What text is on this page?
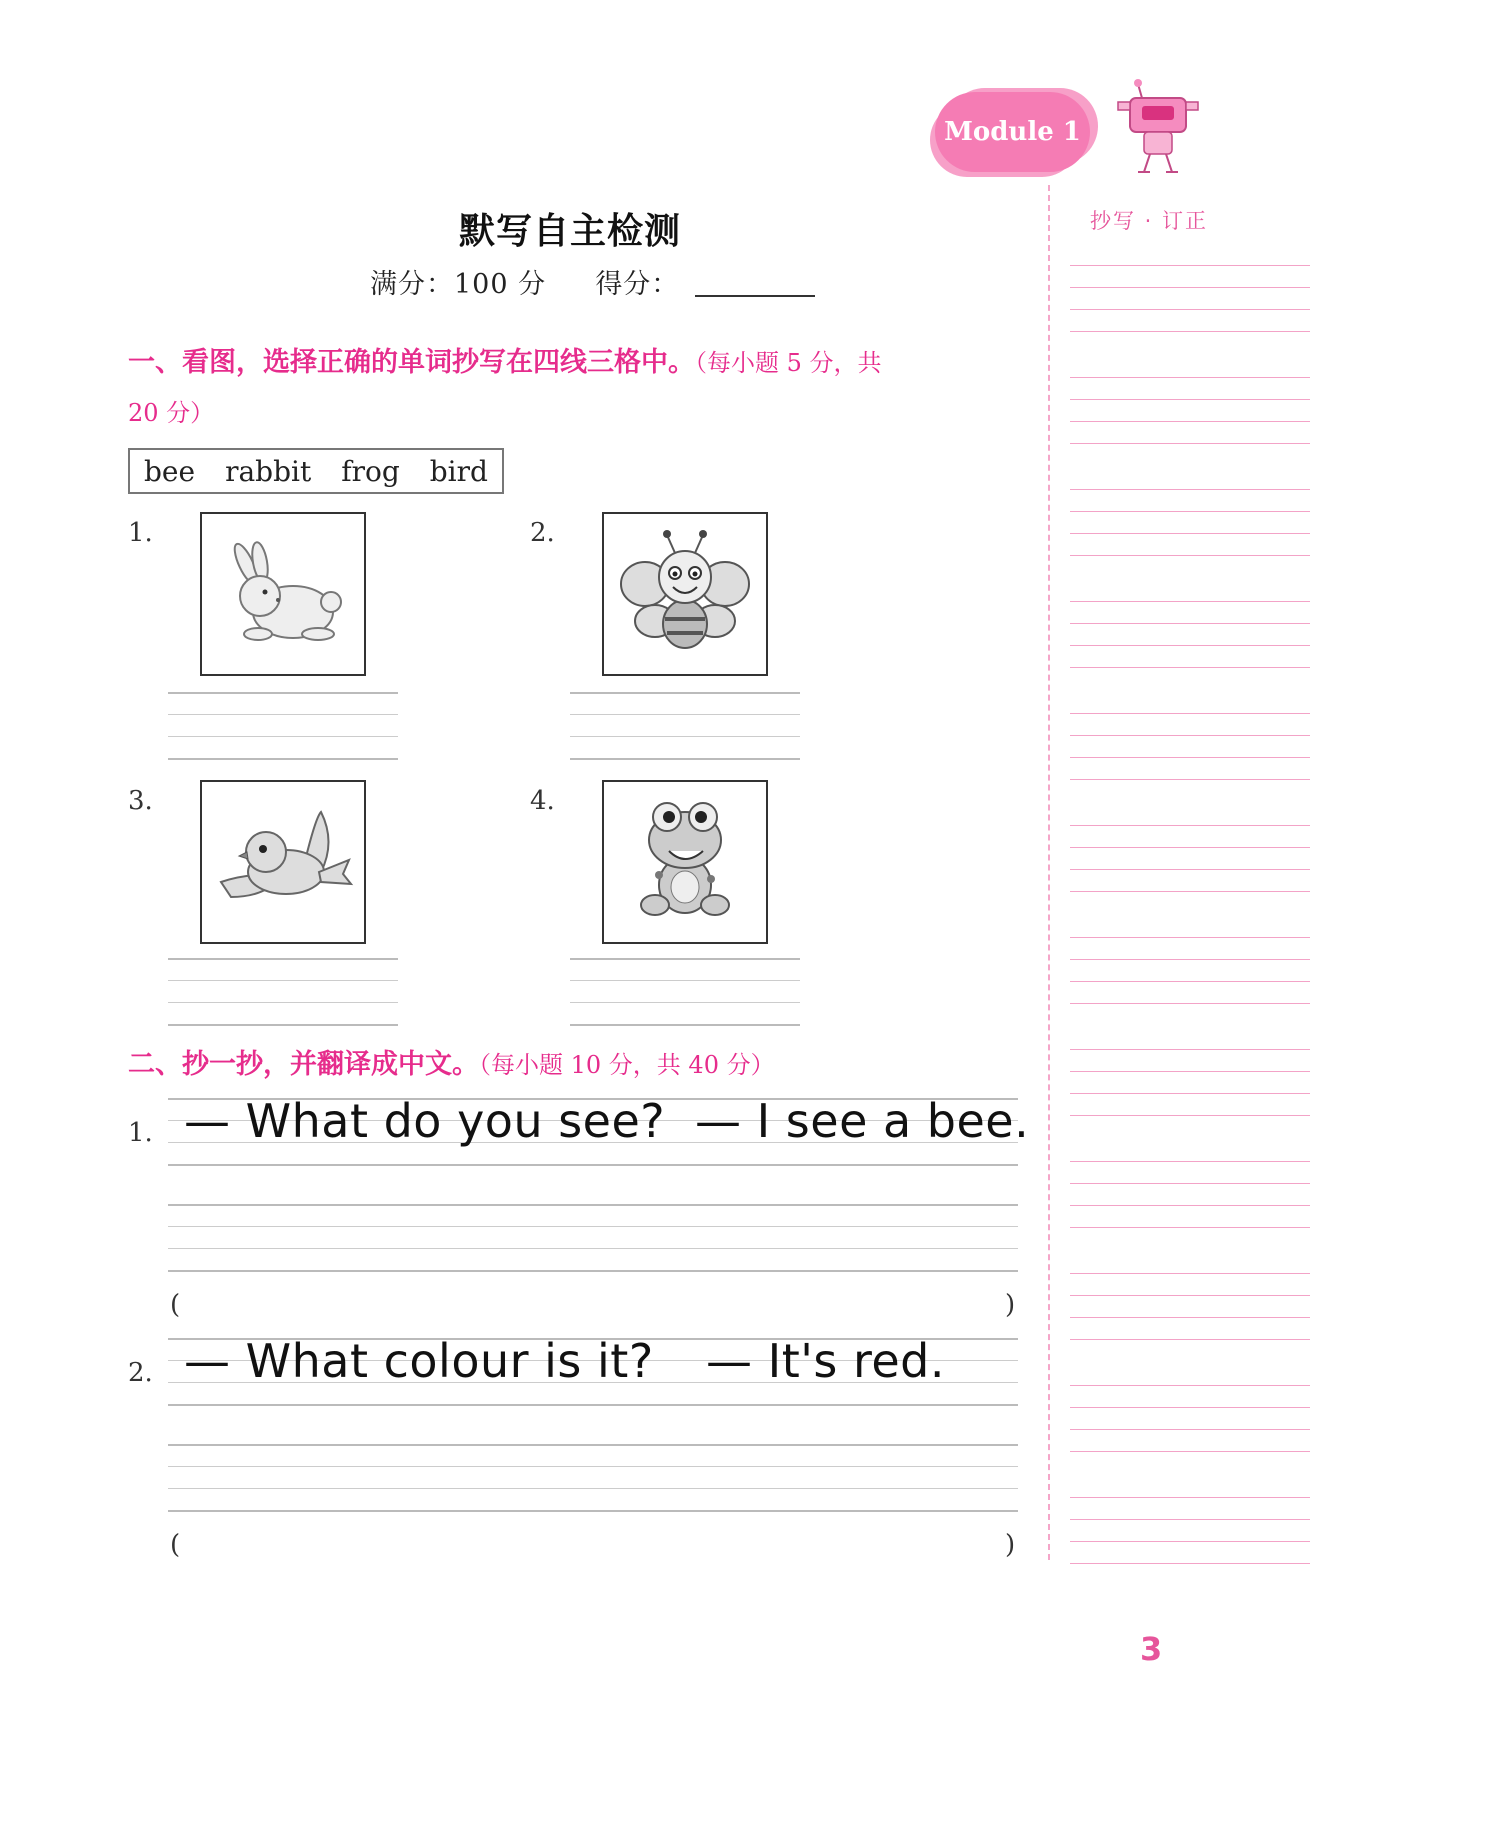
Module 1
默写自主检测
满分：100 分 得分：
一、看图，选择正确的单词抄写在四线三格中。（每小题 5 分，共
20 分）
bee rabbit frog bird
1.	2.
3.	4.
二、抄一抄，并翻译成中文。（每小题 10 分，共 40 分）
1. — What do you see? — I see a bee.
(	)
2. — What colour is it? — It's red.
(	)
抄写 · 订正
3
